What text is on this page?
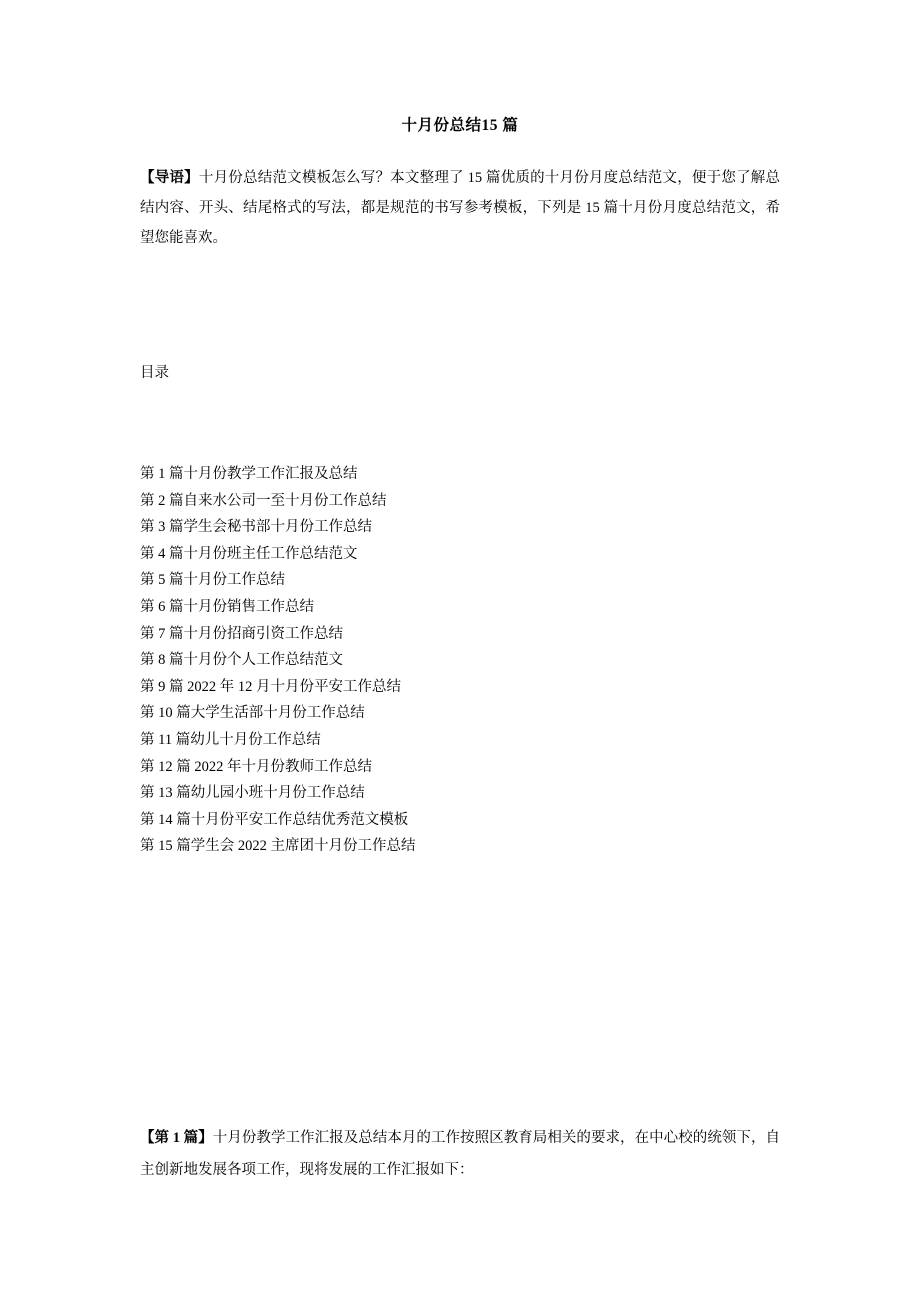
十月份总结15 篇

【导语】十月份总结范文模板怎么写？本文整理了 15 篇优质的十月份月度总结范文，便于您了解总结内容、开头、结尾格式的写法，都是规范的书写参考模板，下列是 15 篇十月份月度总结范文，希望您能喜欢。

目录
第 1 篇十月份教学工作汇报及总结
第 2 篇自来水公司一至十月份工作总结
第 3 篇学生会秘书部十月份工作总结
第 4 篇十月份班主任工作总结范文
第 5 篇十月份工作总结
第 6 篇十月份销售工作总结
第 7 篇十月份招商引资工作总结
第 8 篇十月份个人工作总结范文
第 9 篇 2022 年 12 月十月份平安工作总结
第 10 篇大学生活部十月份工作总结
第 11 篇幼儿十月份工作总结
第 12 篇 2022 年十月份教师工作总结
第 13 篇幼儿园小班十月份工作总结
第 14 篇十月份平安工作总结优秀范文模板
第 15 篇学生会 2022 主席团十月份工作总结

【第 1 篇】十月份教学工作汇报及总结本月的工作按照区教育局相关的要求，在中心校的统领下，自主创新地发展各项工作，现将发展的工作汇报如下：
